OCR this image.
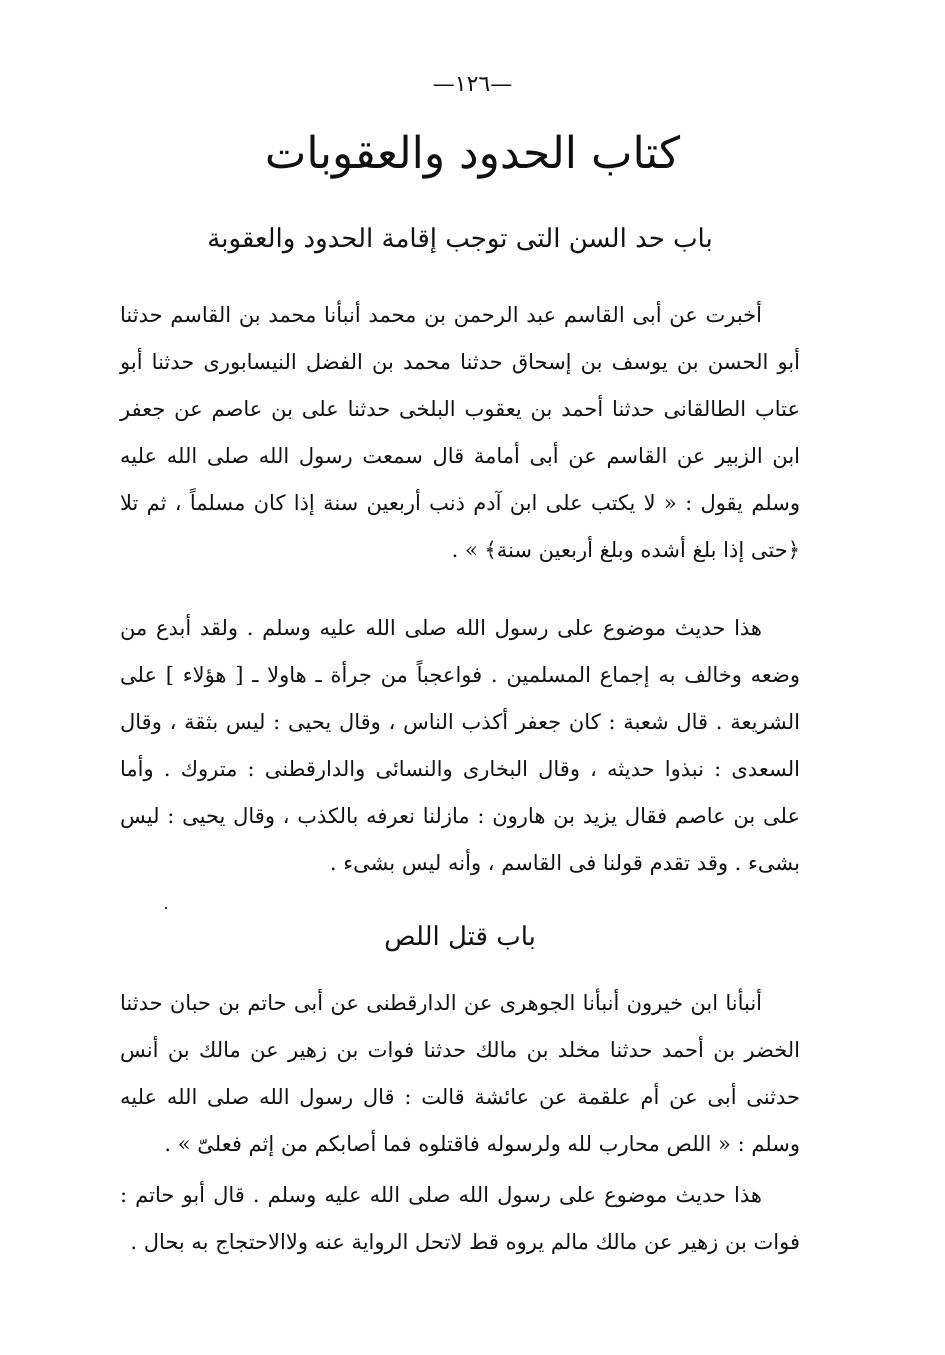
—١٢٦—
كتاب الحدود والعقوبات
باب حد السن التى توجب إقامة الحدود والعقوبة

أخبرت عن أبى القاسم عبد الرحمن بن محمد أنبأنا محمد بن القاسم حدثنا أبو الحسن بن يوسف بن إسحاق حدثنا محمد بن الفضل النيسابورى حدثنا أبو عتاب الطالقانى حدثنا أحمد بن يعقوب البلخى حدثنا على بن عاصم عن جعفر ابن الزبير عن القاسم عن أبى أمامة قال سمعت رسول الله صلى الله عليه وسلم يقول : « لا يكتب على ابن آدم ذنب أربعين سنة إذا كان مسلماً ، ثم تلا ﴿حتى إذا بلغ أشده وبلغ أربعين سنة﴾ » .

هذا حديث موضوع على رسول الله صلى الله عليه وسلم . ولقد أبدع من وضعه وخالف به إجماع المسلمين . فواعجباً من جرأة ـ هاولا ـ [ هؤلاء ] على الشريعة . قال شعبة : كان جعفر أكذب الناس ، وقال يحيى : ليس بثقة ، وقال السعدى : نبذوا حديثه ، وقال البخارى والنسائى والدارقطنى : متروك . وأما على بن عاصم فقال يزيد بن هارون : مازلنا نعرفه بالكذب ، وقال يحيى : ليس بشىء . وقد تقدم قولنا فى القاسم ، وأنه ليس بشىء .

باب قتل اللص

أنبأنا ابن خيرون أنبأنا الجوهرى عن الدارقطنى عن أبى حاتم بن حبان حدثنا الخضر بن أحمد حدثنا مخلد بن مالك حدثنا فوات بن زهير عن مالك بن أنس حدثنى أبى عن أم علقمة عن عائشة قالت : قال رسول الله صلى الله عليه وسلم : « اللص محارب لله ولرسوله فاقتلوه فما أصابكم من إثم فعلىّ » .

هذا حديث موضوع على رسول الله صلى الله عليه وسلم . قال أبو حاتم : فوات بن زهير عن مالك مالم يروه قط لاتحل الرواية عنه ولاالاحتجاج به بحال .
